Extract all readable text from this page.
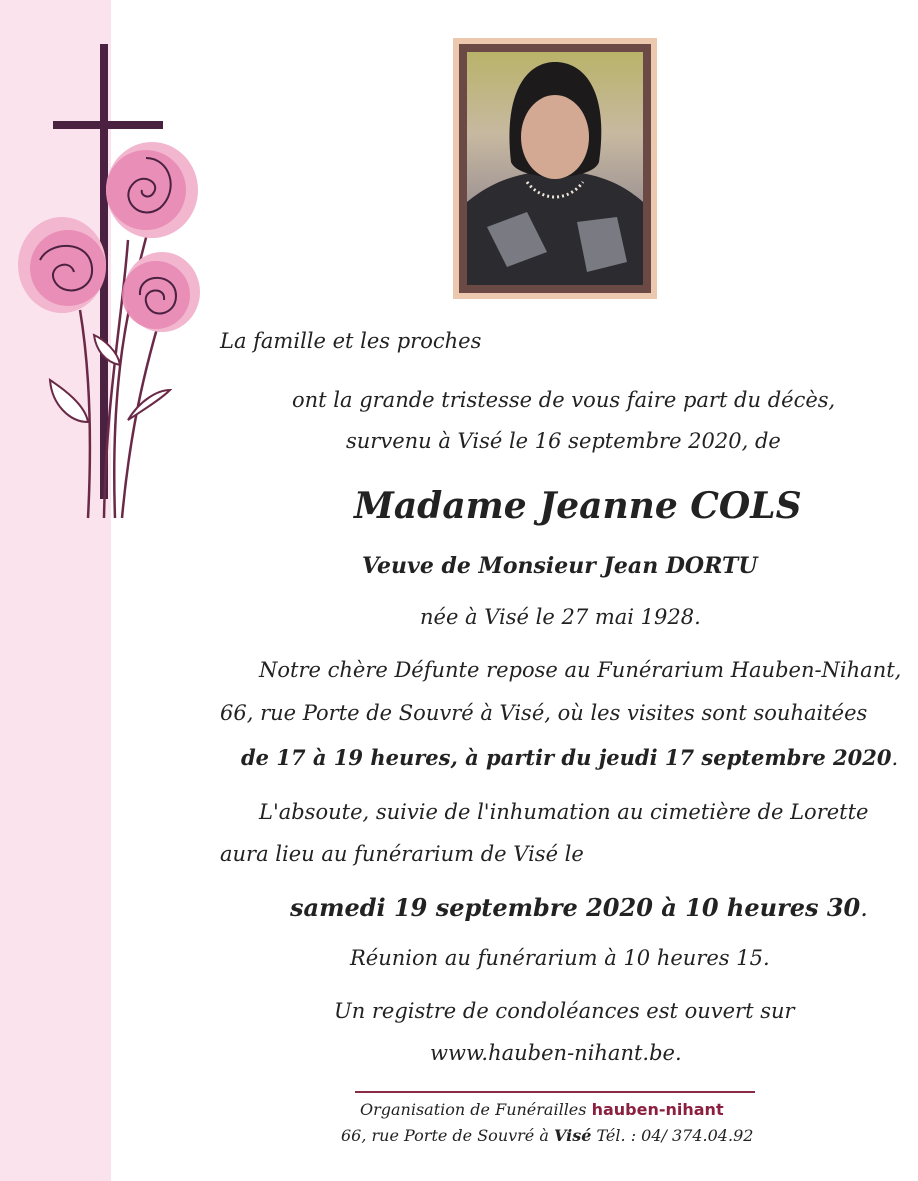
La famille et les proches
ont la grande tristesse de vous faire part du décès,
survenu à Visé le 16 septembre 2020, de
Madame Jeanne COLS
Veuve de Monsieur Jean DORTU
née à Visé le 27 mai 1928.
Notre chère Défunte repose au Funérarium Hauben-Nihant,
66, rue Porte de Souvré à Visé, où les visites sont souhaitées
de 17 à 19 heures, à partir du jeudi 17 septembre 2020.
L'absoute, suivie de l'inhumation au cimetière de Lorette
aura lieu au funérarium de Visé le
samedi 19 septembre 2020 à 10 heures 30.
Réunion au funérarium à 10 heures 15.
Un registre de condoléances est ouvert sur
www.hauben-nihant.be.
Organisation de Funérailles hauben-nihant
66, rue Porte de Souvré à Visé Tél. : 04/ 374.04.92
